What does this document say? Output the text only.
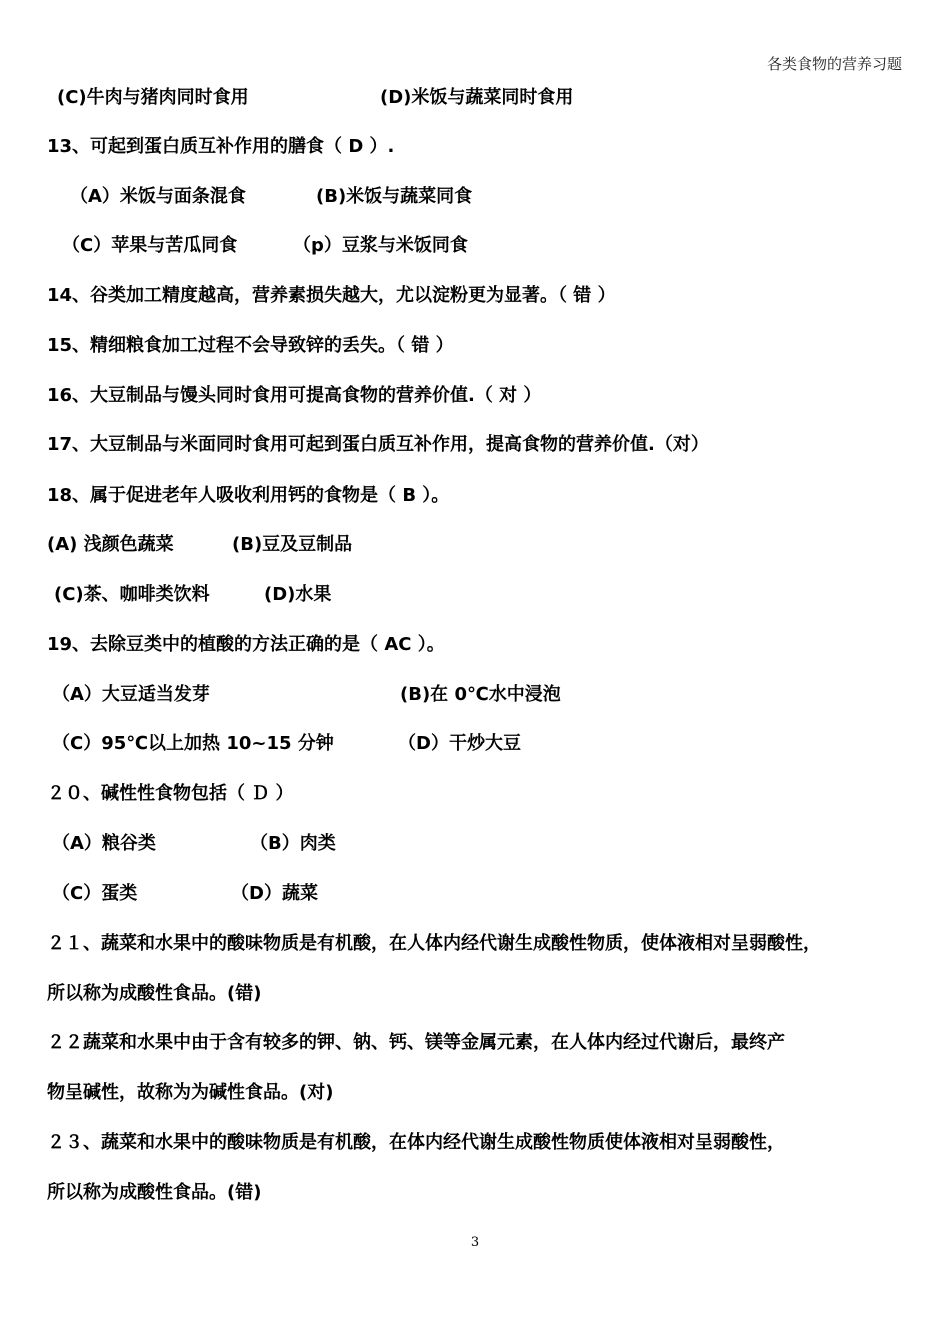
各类食物的营养习题
(C)牛肉与猪肉同时食用	(D)米饭与蔬菜同时食用
13、可起到蛋白质互补作用的膳食（ D ）.
（A）米饭与面条混食	(B)米饭与蔬菜同食
（C）苹果与苦瓜同食	（p）豆浆与米饭同食
14、谷类加工精度越高，营养素损失越大，尤以淀粉更为显著。（ 错 ）
15、精细粮食加工过程不会导致锌的丢失。（ 错 ）
16、大豆制品与馒头同时食用可提高食物的营养价值.（ 对 ）
17、大豆制品与米面同时食用可起到蛋白质互补作用，提高食物的营养价值.（对）
18、属于促进老年人吸收利用钙的食物是（ B ）。
(A) 浅颜色蔬菜	(B)豆及豆制品
(C)茶、咖啡类饮料	(D)水果
19、去除豆类中的植酸的方法正确的是（ AC ）。
（A）大豆适当发芽	(B)在 0℃水中浸泡
（C）95℃以上加热 10~15 分钟	（D）干炒大豆
２０、碱性性食物包括（ Ｄ ）
（A）粮谷类	（B）肉类
（C）蛋类	（D）蔬菜
２１、蔬菜和水果中的酸味物质是有机酸，在人体内经代谢生成酸性物质，使体液相对呈弱酸性，
所以称为成酸性食品。(错)
２２蔬菜和水果中由于含有较多的钾、钠、钙、镁等金属元素，在人体内经过代谢后，最终产
物呈碱性，故称为为碱性食品。(对)
２３、蔬菜和水果中的酸味物质是有机酸，在体内经代谢生成酸性物质使体液相对呈弱酸性，
所以称为成酸性食品。(错)
3
